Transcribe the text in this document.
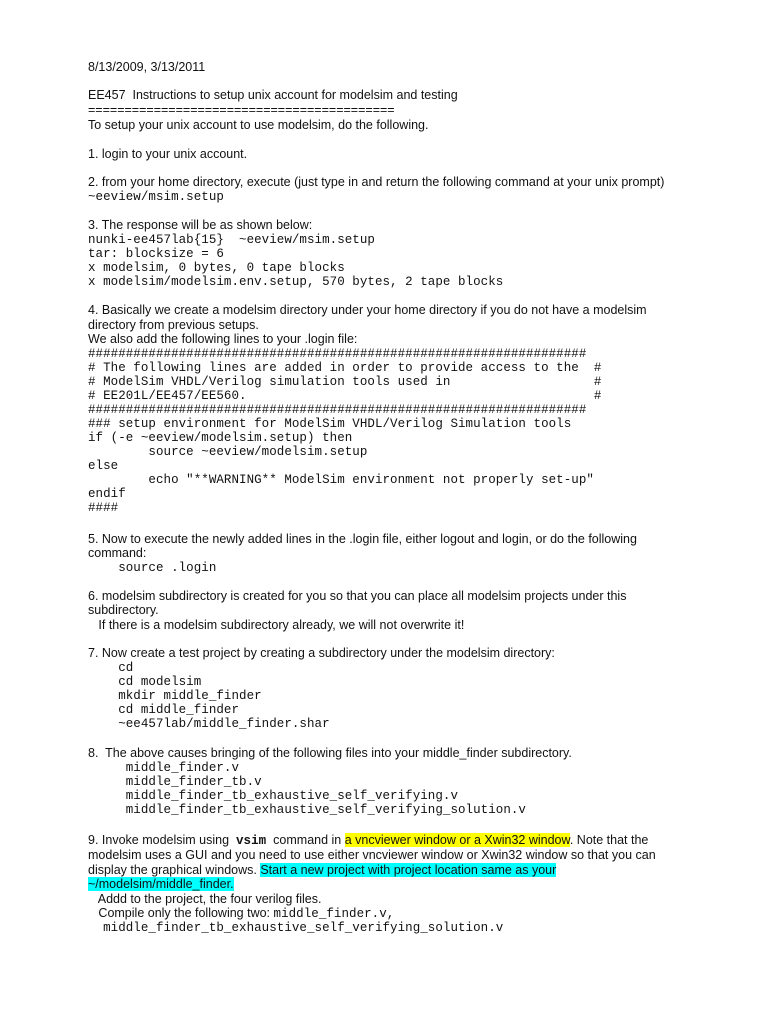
8/13/2009, 3/13/2011
EE457  Instructions to setup unix account for modelsim and testing
==========================================
To setup your unix account to use modelsim, do the following.
1. login to your unix account.
2. from your home directory, execute (just type in and return the following command at your unix prompt)
~eeview/msim.setup
3. The response will be as shown below:
nunki-ee457lab{15}  ~eeview/msim.setup
tar: blocksize = 6
x modelsim, 0 bytes, 0 tape blocks
x modelsim/modelsim.env.setup, 570 bytes, 2 tape blocks
4. Basically we create a modelsim directory under your home directory if you do not have a modelsim
directory from previous setups.
We also add the following lines to your .login file:
##################################################################
# The following lines are added in order to provide access to the  #
# ModelSim VHDL/Verilog simulation tools used in                   #
# EE201L/EE457/EE560.                                              #
##################################################################
### setup environment for ModelSim VHDL/Verilog Simulation tools
if (-e ~eeview/modelsim.setup) then
source ~eeview/modelsim.setup
else
echo "**WARNING** ModelSim environment not properly set-up"
endif
####
5. Now to execute the newly added lines in the .login file, either logout and login, or do the following
command:
source .login
6. modelsim subdirectory is created for you so that you can place all modelsim projects under this
subdirectory.
If there is a modelsim subdirectory already, we will not overwrite it!
7. Now create a test project by creating a subdirectory under the modelsim directory:
cd
cd modelsim
mkdir middle_finder
cd middle_finder
~ee457lab/middle_finder.shar
8.  The above causes bringing of the following files into your middle_finder subdirectory.
middle_finder.v
middle_finder_tb.v
middle_finder_tb_exhaustive_self_verifying.v
middle_finder_tb_exhaustive_self_verifying_solution.v
9. Invoke modelsim using  vsim  command in a vncviewer window or a Xwin32 window. Note that the
modelsim uses a GUI and you need to use either vncviewer window or Xwin32 window so that you can
display the graphical windows. Start a new project with project location same as your
~/modelsim/middle_finder.
Addd to the project, the four verilog files.
Compile only the following two: middle_finder.v,
middle_finder_tb_exhaustive_self_verifying_solution.v
